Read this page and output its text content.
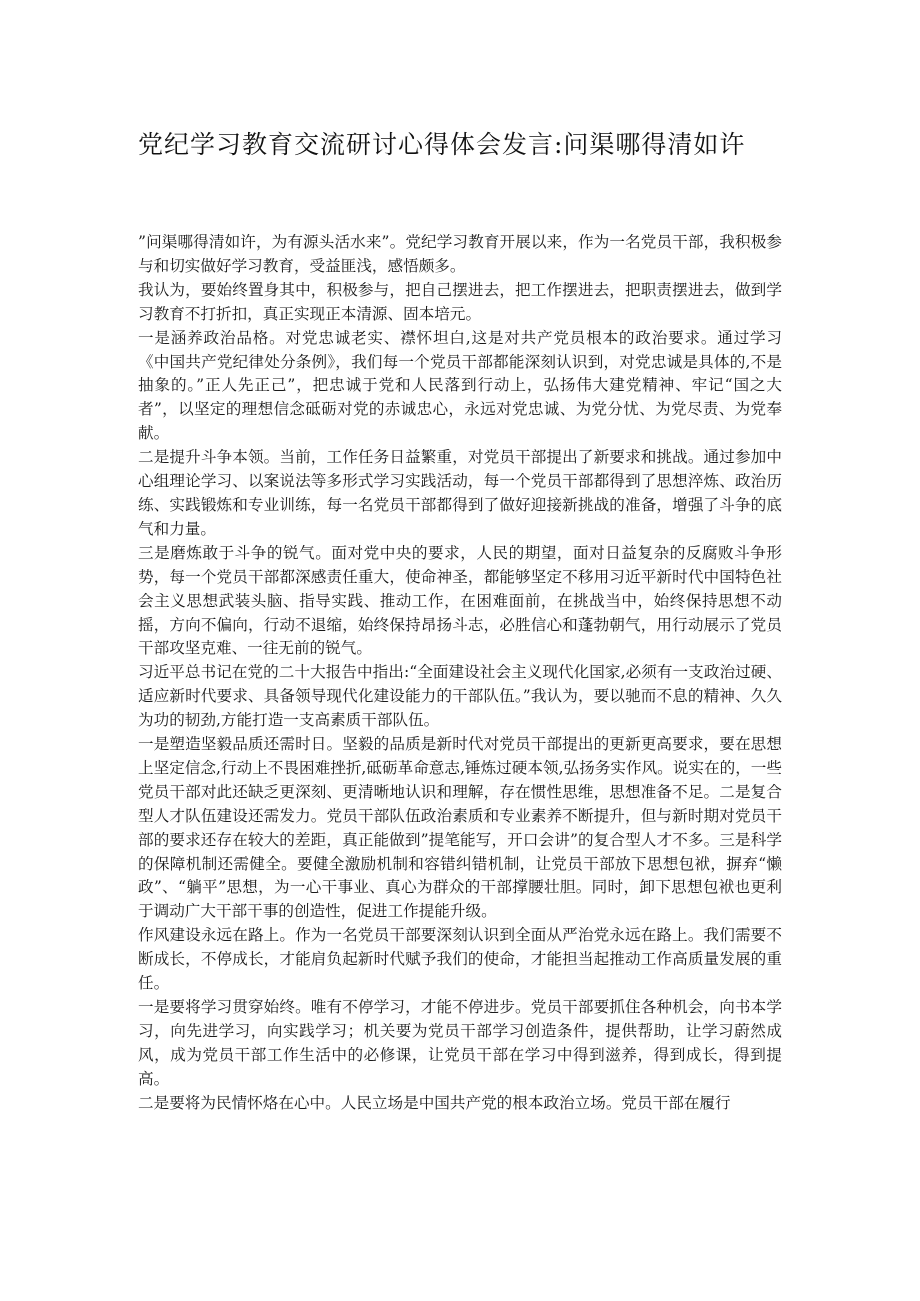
党纪学习教育交流研讨心得体会发言:问渠哪得清如许

”问渠哪得清如许，为有源头活水来”。党纪学习教育开展以来，作为一名党员干部，我积极参与和切实做好学习教育，受益匪浅，感悟颇多。

我认为，要始终置身其中，积极参与，把自己摆进去，把工作摆进去，把职责摆进去，做到学习教育不打折扣，真正实现正本清源、固本培元。

一是涵养政治品格。对党忠诚老实、襟怀坦白,这是对共产党员根本的政治要求。通过学习《中国共产党纪律处分条例》，我们每一个党员干部都能深刻认识到，对党忠诚是具体的,不是抽象的。”正人先正己”，把忠诚于党和人民落到行动上，弘扬伟大建党精神、牢记“国之大者”，以坚定的理想信念砥砺对党的赤诚忠心，永远对党忠诚、为党分忧、为党尽责、为党奉献。

二是提升斗争本领。当前，工作任务日益繁重，对党员干部提出了新要求和挑战。通过参加中心组理论学习、以案说法等多形式学习实践活动，每一个党员干部都得到了思想淬炼、政治历练、实践锻炼和专业训练，每一名党员干部都得到了做好迎接新挑战的准备，增强了斗争的底气和力量。

三是磨炼敢于斗争的锐气。面对党中央的要求，人民的期望，面对日益复杂的反腐败斗争形势，每一个党员干部都深感责任重大，使命神圣，都能够坚定不移用习近平新时代中国特色社会主义思想武装头脑、指导实践、推动工作，在困难面前，在挑战当中，始终保持思想不动摇，方向不偏向，行动不退缩，始终保持昂扬斗志，必胜信心和蓬勃朝气，用行动展示了党员干部攻坚克难、一往无前的锐气。

习近平总书记在党的二十大报告中指出:“全面建设社会主义现代化国家,必须有一支政治过硬、适应新时代要求、具备领导现代化建设能力的干部队伍。”我认为，要以驰而不息的精神、久久为功的韧劲,方能打造一支高素质干部队伍。

一是塑造坚毅品质还需时日。坚毅的品质是新时代对党员干部提出的更新更高要求，要在思想上坚定信念,行动上不畏困难挫折,砥砺革命意志,锤炼过硬本领,弘扬务实作风。说实在的，一些党员干部对此还缺乏更深刻、更清晰地认识和理解，存在惯性思维，思想准备不足。二是复合型人才队伍建设还需发力。党员干部队伍政治素质和专业素养不断提升，但与新时期对党员干部的要求还存在较大的差距，真正能做到”提笔能写，开口会讲”的复合型人才不多。三是科学的保障机制还需健全。要健全激励机制和容错纠错机制，让党员干部放下思想包袱，摒弃“懒政”、“躺平”思想，为一心干事业、真心为群众的干部撑腰壮胆。同时，卸下思想包袱也更利于调动广大干部干事的创造性，促进工作提能升级。

作风建设永远在路上。作为一名党员干部要深刻认识到全面从严治党永远在路上。我们需要不断成长，不停成长，才能肩负起新时代赋予我们的使命，才能担当起推动工作高质量发展的重任。

一是要将学习贯穿始终。唯有不停学习，才能不停进步。党员干部要抓住各种机会，向书本学习，向先进学习，向实践学习；机关要为党员干部学习创造条件，提供帮助，让学习蔚然成风，成为党员干部工作生活中的必修课，让党员干部在学习中得到滋养，得到成长，得到提高。

二是要将为民情怀烙在心中。人民立场是中国共产党的根本政治立场。党员干部在履行
